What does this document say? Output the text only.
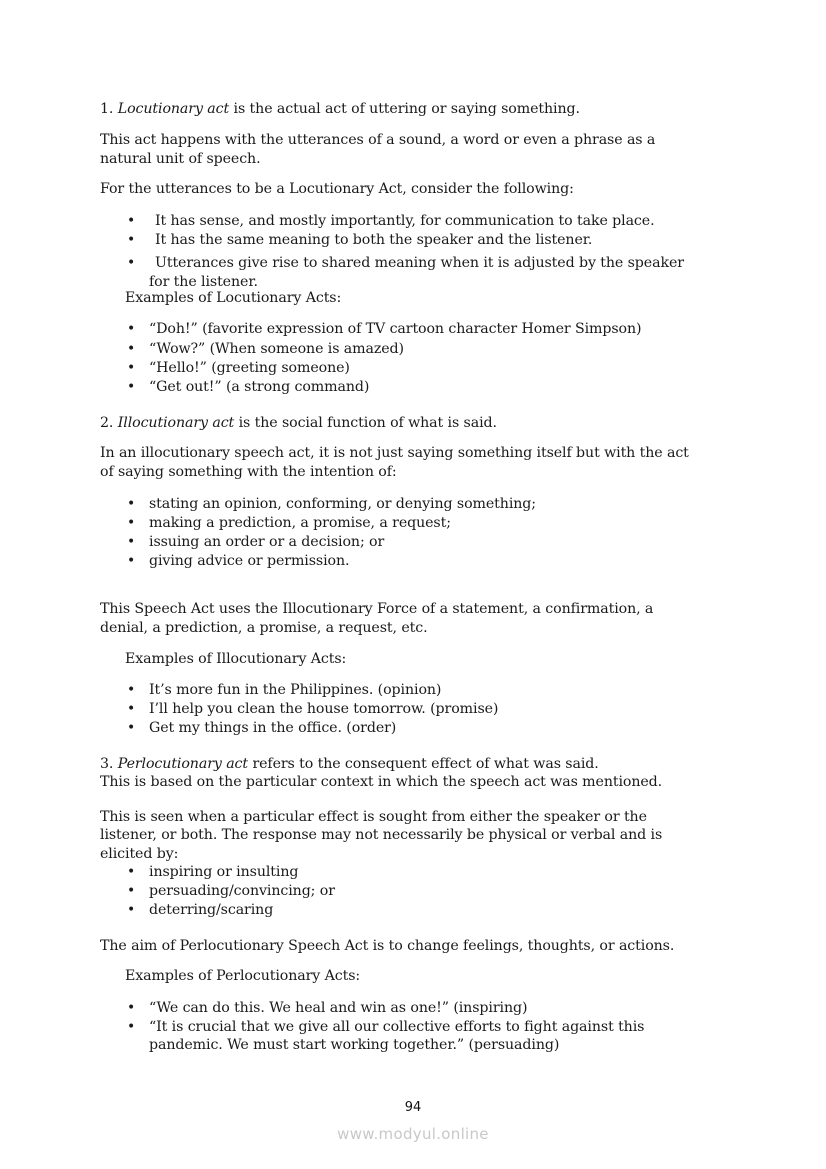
1. Locutionary act is the actual act of uttering or saying something.
This act happens with the utterances of a sound, a word or even a phrase as a
natural unit of speech.
For the utterances to be a Locutionary Act, consider the following:
• It has sense, and mostly importantly, for communication to take place.
• It has the same meaning to both the speaker and the listener.
• Utterances give rise to shared meaning when it is adjusted by the speaker
for the listener.
Examples of Locutionary Acts:
• “Doh!” (favorite expression of TV cartoon character Homer Simpson)
• “Wow?” (When someone is amazed)
• “Hello!” (greeting someone)
• “Get out!” (a strong command)
2. Illocutionary act is the social function of what is said.
In an illocutionary speech act, it is not just saying something itself but with the act
of saying something with the intention of:
• stating an opinion, conforming, or denying something;
• making a prediction, a promise, a request;
• issuing an order or a decision; or
• giving advice or permission.
This Speech Act uses the Illocutionary Force of a statement, a confirmation, a
denial, a prediction, a promise, a request, etc.
Examples of Illocutionary Acts:
• It’s more fun in the Philippines. (opinion)
• I’ll help you clean the house tomorrow. (promise)
• Get my things in the office. (order)
3. Perlocutionary act refers to the consequent effect of what was said.
This is based on the particular context in which the speech act was mentioned.
This is seen when a particular effect is sought from either the speaker or the
listener, or both. The response may not necessarily be physical or verbal and is
elicited by:
• inspiring or insulting
• persuading/convincing; or
• deterring/scaring
The aim of Perlocutionary Speech Act is to change feelings, thoughts, or actions.
Examples of Perlocutionary Acts:
• “We can do this. We heal and win as one!” (inspiring)
• “It is crucial that we give all our collective efforts to fight against this
pandemic. We must start working together.” (persuading)
94
www.modyul.online
